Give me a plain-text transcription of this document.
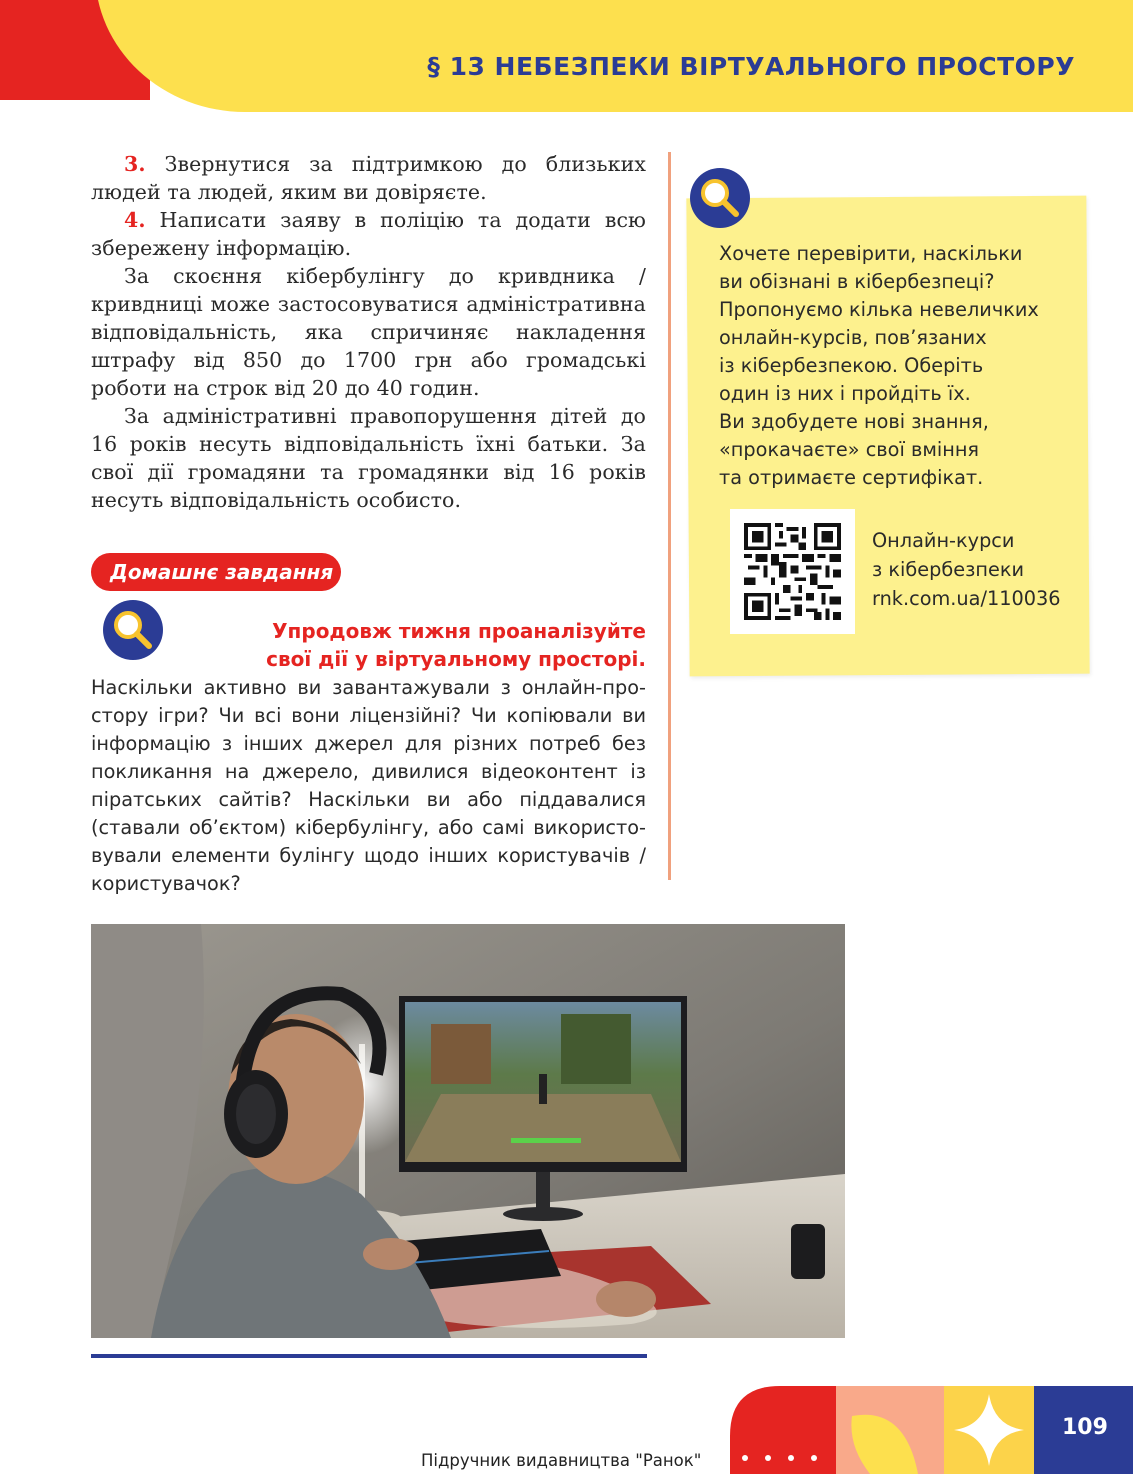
§ 13 НЕБЕЗПЕКИ ВІРТУАЛЬНОГО ПРОСТОРУ

3. Звернутися за підтримкою до близьких людей та людей, яким ви довіряєте.

4. Написати заяву в поліцію та додати всю збережену інформацію.

За скоєння кібербулінгу до кривдника / кривдниці може застосовуватися адміністративна відповідальність, яка спричиняє накладення штрафу від 850 до 1700 грн або громадські роботи на строк від 20 до 40 годин.

За адміністративні правопорушення дітей до 16 років несуть відповідальність їхні батьки. За свої дії громадяни та громадянки від 16 років несуть відповідальність особисто.

Домашнє завдання
Упродовж тижня проаналізуйте свої дії у віртуальному просторі.
Наскільки активно ви завантажували з онлайн-простору ігри? Чи всі вони ліцензійні? Чи копіювали ви інформацію з інших джерел для різних потреб без покликання на джерело, дивилися відеоконтент із піратських сайтів? Наскільки ви або піддавалися (ставали об’єктом) кібербулінгу, або самі використовували елементи булінгу щодо інших користувачів / користувачок?
Хочете перевірити, наскільки
ви обізнані в кібербезпеці?
Пропонуємо кілька невеличких
онлайн-курсів, пов’язаних
із кібербезпекою. Оберіть
один із них і пройдіть їх.
Ви здобудете нові знання,
«прокачаєте» свої вміння
та отримаєте сертифікат.
Онлайн-курси
з кібербезпеки
rnk.com.ua/110036
Підручник видавництва "Ранок"
109
